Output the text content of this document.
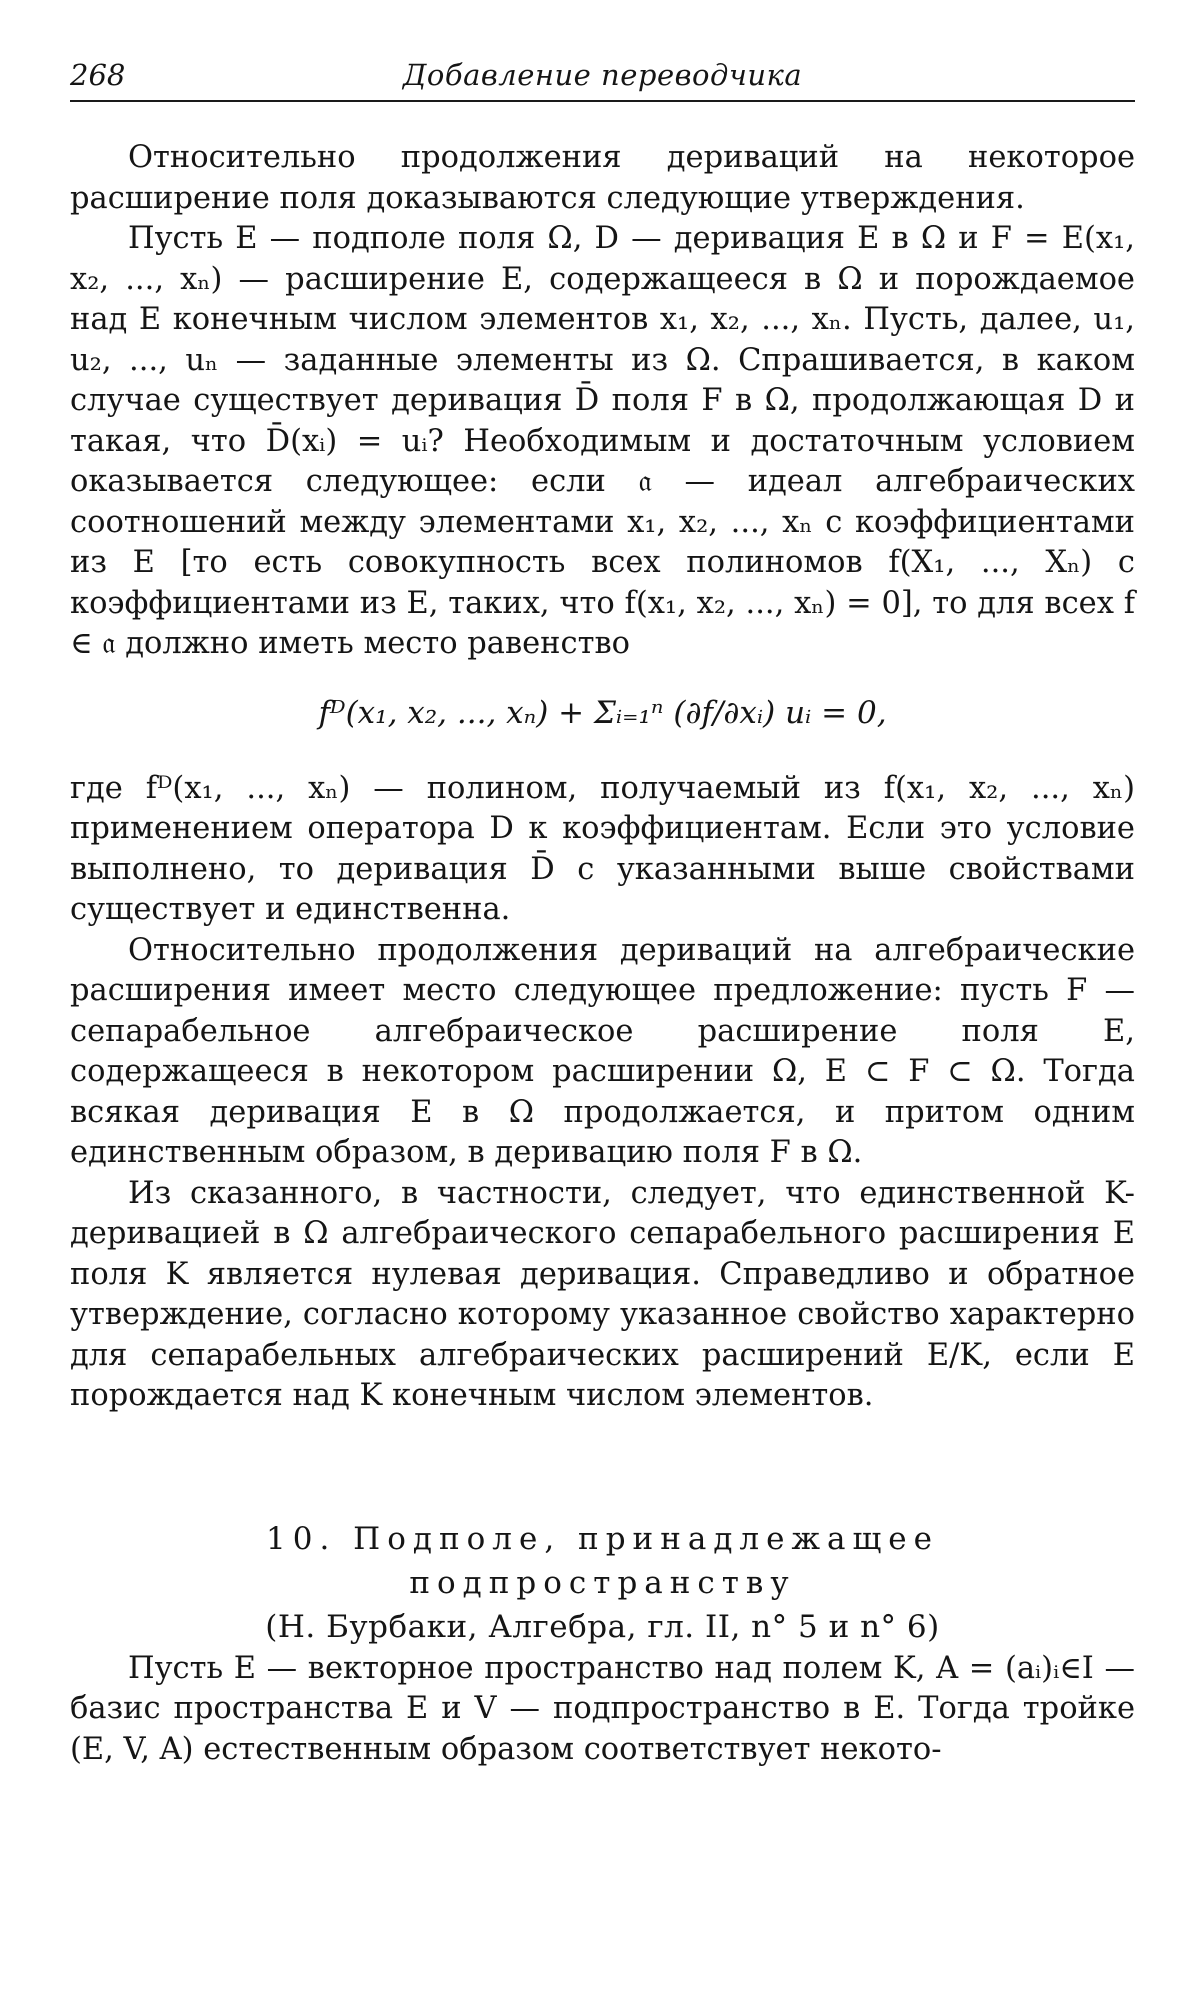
268	Добавление переводчика

Относительно продолжения дериваций на некоторое расширение поля доказываются следующие утверждения.

Пусть E — подполе поля Ω, D — деривация E в Ω и F = E(x₁, x₂, ..., xₙ) — расширение E, содержащееся в Ω и порождаемое над E конечным числом элементов x₁, x₂, ..., xₙ. Пусть, далее, u₁, u₂, ..., uₙ — заданные элементы из Ω. Спрашивается, в каком случае существует деривация D̄ поля F в Ω, продолжающая D и такая, что D̄(xᵢ) = uᵢ? Необходимым и достаточным условием оказывается следующее: если 𝔞 — идеал алгебраических соотношений между элементами x₁, x₂, ..., xₙ с коэффициентами из E [то есть совокупность всех полиномов f(X₁, ..., Xₙ) с коэффициентами из E, таких, что f(x₁, x₂, ..., xₙ) = 0], то для всех f ∈ 𝔞 должно иметь место равенство

fᴰ(x₁, x₂, ..., xₙ) + Σᵢ₌₁ⁿ (∂f/∂xᵢ) uᵢ = 0,

где fᴰ(x₁, ..., xₙ) — полином, получаемый из f(x₁, x₂, ..., xₙ) применением оператора D к коэффициентам. Если это условие выполнено, то деривация D̄ с указанными выше свойствами существует и единственна.

Относительно продолжения дериваций на алгебраические расширения имеет место следующее предложение: пусть F — сепарабельное алгебраическое расширение поля E, содержащееся в некотором расширении Ω, E ⊂ F ⊂ Ω. Тогда всякая деривация E в Ω продолжается, и притом одним единственным образом, в деривацию поля F в Ω.

Из сказанного, в частности, следует, что единственной K-деривацией в Ω алгебраического сепарабельного расширения E поля K является нулевая деривация. Справедливо и обратное утверждение, согласно которому указанное свойство характерно для сепарабельных алгебраических расширений E/K, если E порождается над K конечным числом элементов.

10. Подполе, принадлежащее подпространству
(Н. Бурбаки, Алгебра, гл. II, n° 5 и n° 6)

Пусть E — векторное пространство над полем K, A = (aᵢ)ᵢ∈I — базис пространства E и V — подпространство в E. Тогда тройке (E, V, A) естественным образом соответствует некото-
